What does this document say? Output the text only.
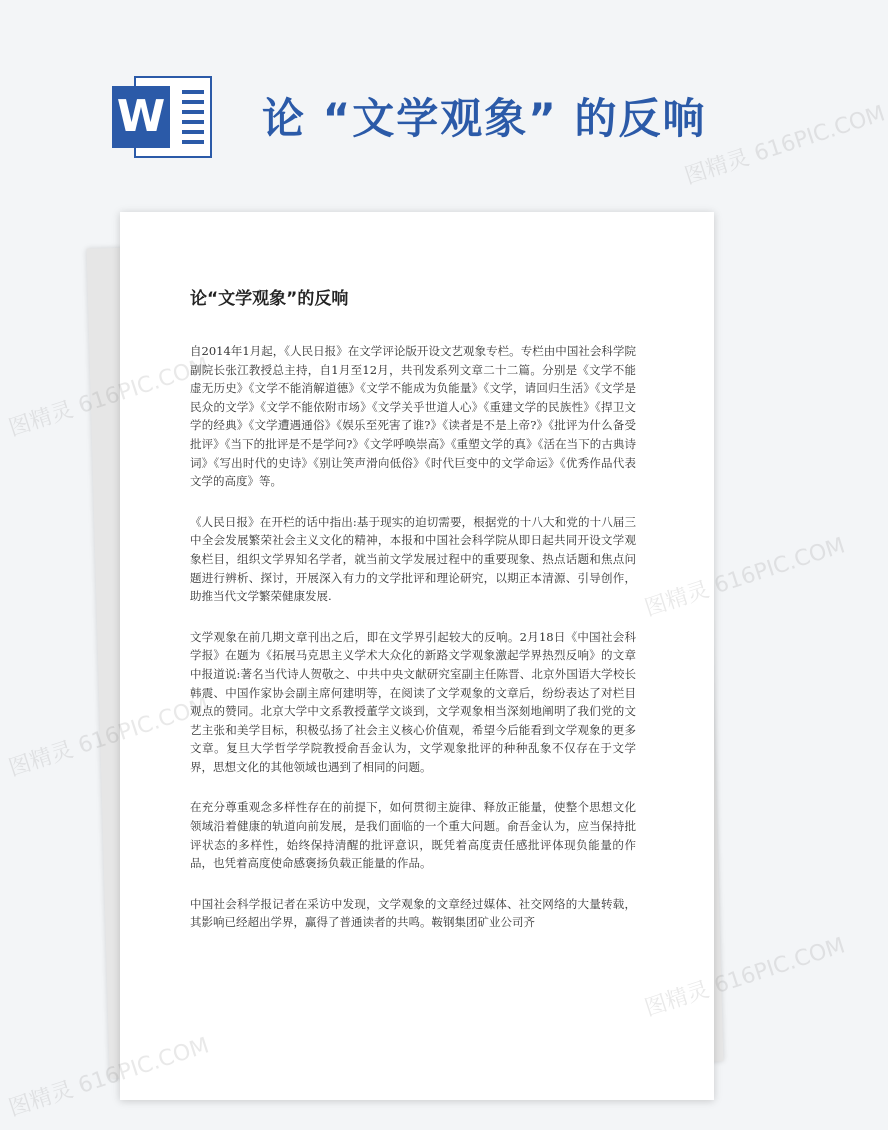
W 论 “文学观象” 的反响
论“文学观象”的反响

自2014年1月起，《人民日报》在文学评论版开设文艺观象专栏。专栏由中国社会科学院副院长张江教授总主持，自1月至12月，共刊发系列文章二十二篇。分别是《文学不能虚无历史》《文学不能消解道德》《文学不能成为负能量》《文学，请回归生活》《文学是民众的文学》《文学不能依附市场》《文学关乎世道人心》《重建文学的民族性》《捍卫文学的经典》《文学遭遇通俗》《娱乐至死害了谁?》《读者是不是上帝?》《批评为什么备受批评》《当下的批评是不是学问?》《文学呼唤崇高》《重塑文学的真》《活在当下的古典诗词》《写出时代的史诗》《别让笑声滑向低俗》《时代巨变中的文学命运》《优秀作品代表文学的高度》等。

《人民日报》在开栏的话中指出:基于现实的迫切需要，根据党的十八大和党的十八届三中全会发展繁荣社会主义文化的精神，本报和中国社会科学院从即日起共同开设文学观象栏目，组织文学界知名学者，就当前文学发展过程中的重要现象、热点话题和焦点问题进行辨析、探讨，开展深入有力的文学批评和理论研究，以期正本清源、引导创作，助推当代文学繁荣健康发展.

文学观象在前几期文章刊出之后，即在文学界引起较大的反响。2月18日《中国社会科学报》在题为《拓展马克思主义学术大众化的新路文学观象激起学界热烈反响》的文章中报道说:著名当代诗人贺敬之、中共中央文献研究室副主任陈晋、北京外国语大学校长韩震、中国作家协会副主席何建明等，在阅读了文学观象的文章后，纷纷表达了对栏目观点的赞同。北京大学中文系教授董学文谈到，文学观象相当深刻地阐明了我们党的文艺主张和美学目标，积极弘扬了社会主义核心价值观，希望今后能看到文学观象的更多文章。复旦大学哲学学院教授俞吾金认为，文学观象批评的种种乱象不仅存在于文学界，思想文化的其他领域也遇到了相同的问题。

在充分尊重观念多样性存在的前提下，如何贯彻主旋律、释放正能量，使整个思想文化领域沿着健康的轨道向前发展，是我们面临的一个重大问题。俞吾金认为，应当保持批评状态的多样性，始终保持清醒的批评意识，既凭着高度责任感批评体现负能量的作品，也凭着高度使命感褒扬负载正能量的作品。

中国社会科学报记者在采访中发现，文学观象的文章经过媒体、社交网络的大量转载，其影响已经超出学界，赢得了普通读者的共鸣。鞍钢集团矿业公司齐

图精灵 616PIC.COM
图精灵
图精灵 616PIC.COM
图精灵
图精灵 616PIC.COM
图精灵
